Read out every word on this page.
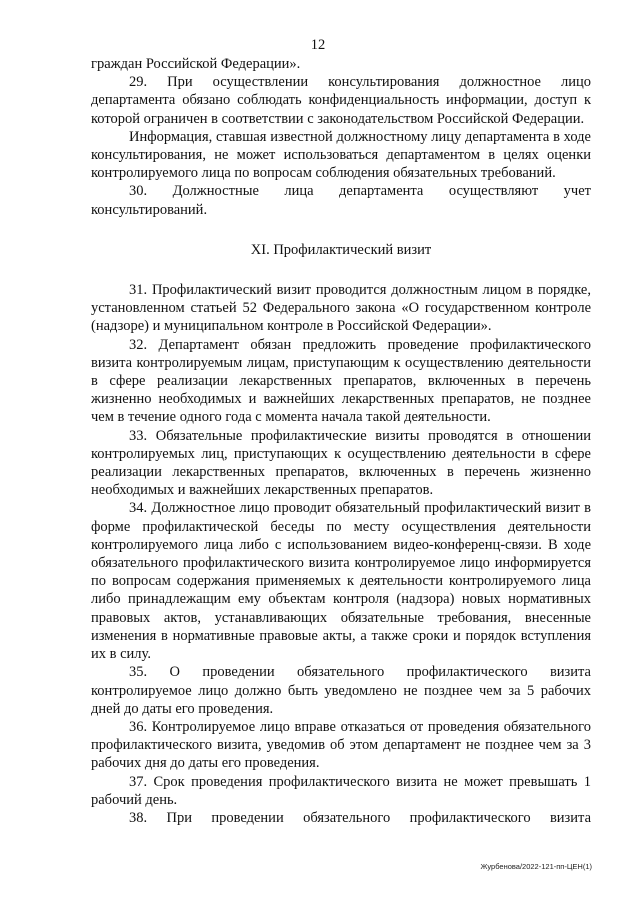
12

граждан Российской Федерации».

29. При осуществлении консультирования должностное лицо департамента обязано соблюдать конфиденциальность информации, доступ к которой ограничен в соответствии с законодательством Российской Федерации.

Информация, ставшая известной должностному лицу департамента в ходе консультирования, не может использоваться департаментом в целях оценки контролируемого лица по вопросам соблюдения обязательных требований.

30. Должностные лица департамента осуществляют учет консультирований.

XI. Профилактический визит

31. Профилактический визит проводится должностным лицом в порядке, установленном статьей 52 Федерального закона «О государственном контроле (надзоре) и муниципальном контроле в Российской Федерации».

32. Департамент обязан предложить проведение профилактического визита контролируемым лицам, приступающим к осуществлению деятельности в сфере реализации лекарственных препаратов, включенных в перечень жизненно необходимых и важнейших лекарственных препаратов, не позднее чем в течение одного года с момента начала такой деятельности.

33. Обязательные профилактические визиты проводятся в отношении контролируемых лиц, приступающих к осуществлению деятельности в сфере реализации лекарственных препаратов, включенных в перечень жизненно необходимых и важнейших лекарственных препаратов.

34. Должностное лицо проводит обязательный профилактический визит в форме профилактической беседы по месту осуществления деятельности контролируемого лица либо с использованием видео-конференц-связи. В ходе обязательного профилактического визита контролируемое лицо информируется по вопросам содержания применяемых к деятельности контролируемого лица либо принадлежащим ему объектам контроля (надзора) новых нормативных правовых актов, устанавливающих обязательные требования, внесенные изменения в нормативные правовые акты, а также сроки и порядок вступления их в силу.

35. О проведении обязательного профилактического визита контролируемое лицо должно быть уведомлено не позднее чем за 5 рабочих дней до даты его проведения.

36. Контролируемое лицо вправе отказаться от проведения обязательного профилактического визита, уведомив об этом департамент не позднее чем за 3 рабочих дня до даты его проведения.

37. Срок проведения профилактического визита не может превышать 1 рабочий день.

38. При проведении обязательного профилактического визита

Журбенова/2022-121-пп-ЦЕН(1)
